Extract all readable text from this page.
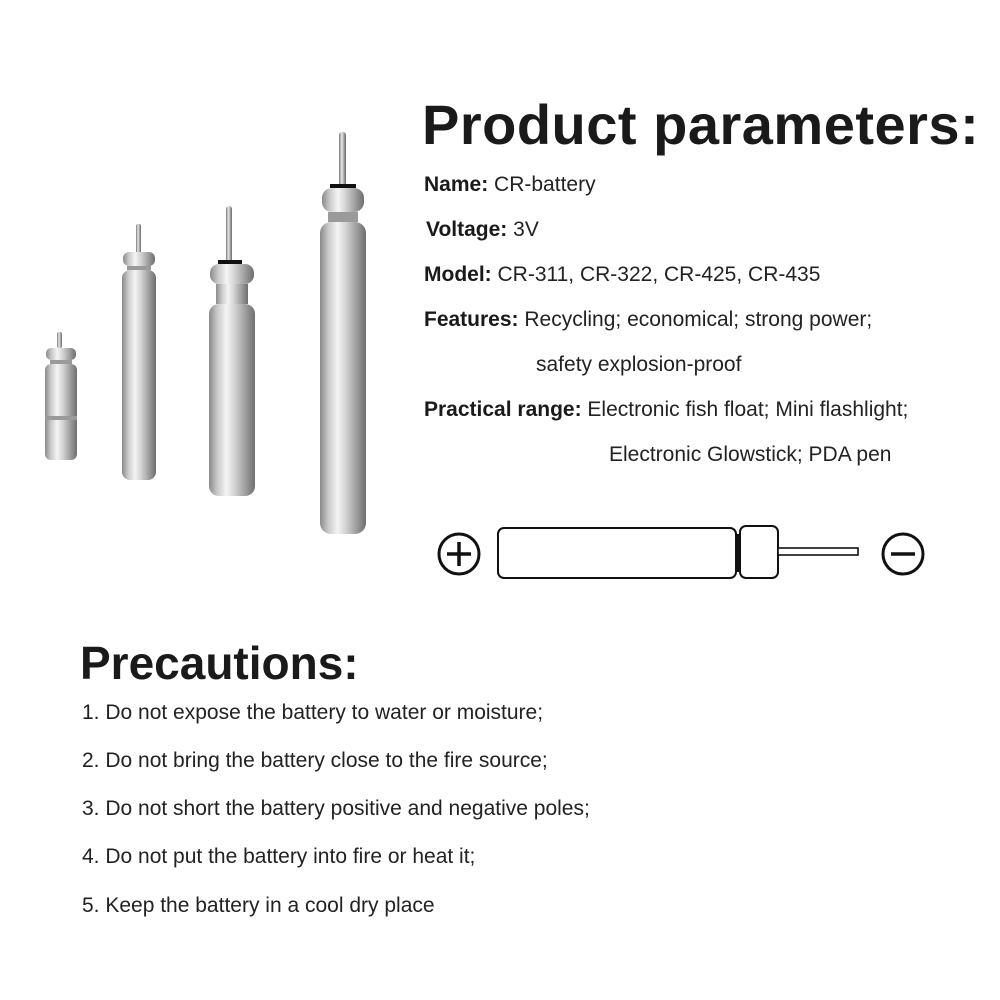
Product parameters:
Name: CR-battery
Voltage: 3V
Model: CR-311, CR-322, CR-425, CR-435
Features: Recycling; economical; strong power;
safety explosion-proof
Practical range: Electronic fish float; Mini flashlight;
Electronic Glowstick; PDA pen
Precautions:
1. Do not expose the battery to water or moisture;
2. Do not bring the battery close to the fire source;
3. Do not short the battery positive and negative poles;
4. Do not put the battery into fire or heat it;
5. Keep the battery in a cool dry place
